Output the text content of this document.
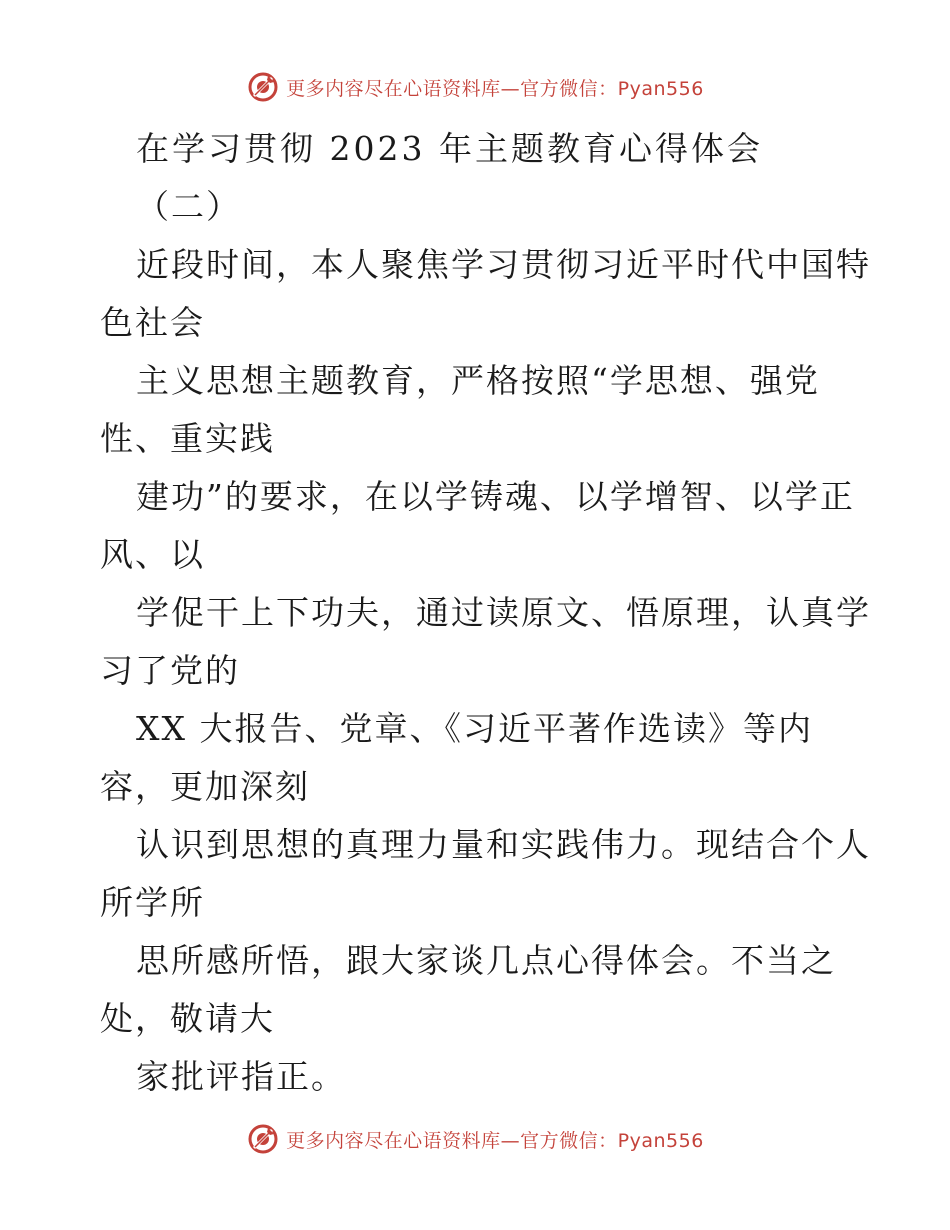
更多内容尽在心语资料库—官方微信：Pyan556
在学习贯彻 2023 年主题教育心得体会
（二）
近段时间，本人聚焦学习贯彻习近平时代中国特
色社会
主义思想主题教育，严格按照“学思想、强党
性、重实践
建功”的要求，在以学铸魂、以学增智、以学正
风、以
学促干上下功夫，通过读原文、悟原理，认真学
习了党的
XX 大报告、党章、《习近平著作选读》等内
容，更加深刻
认识到思想的真理力量和实践伟力。现结合个人
所学所
思所感所悟，跟大家谈几点心得体会。不当之
处，敬请大
家批评指正。
更多内容尽在心语资料库—官方微信：Pyan556
